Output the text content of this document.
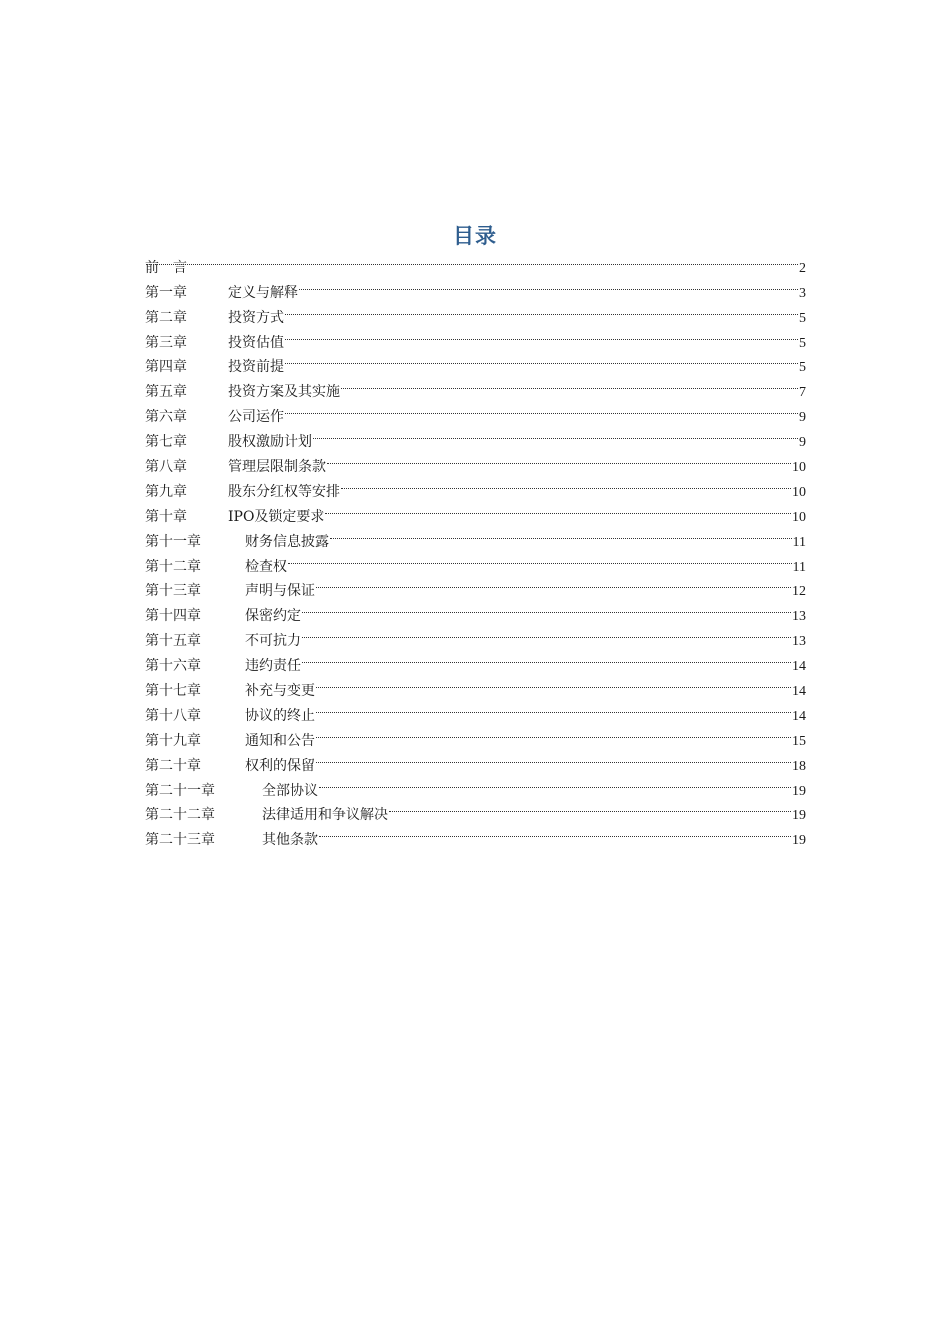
目录
前　言	2
第一章	定义与解释	3
第二章	投资方式	5
第三章	投资估值	5
第四章	投资前提	5
第五章	投资方案及其实施	7
第六章	公司运作	9
第七章	股权激励计划	9
第八章	管理层限制条款	10
第九章	股东分红权等安排	10
第十章	IPO及锁定要求	10
第十一章	财务信息披露	11
第十二章	检查权	11
第十三章	声明与保证	12
第十四章	保密约定	13
第十五章	不可抗力	13
第十六章	违约责任	14
第十七章	补充与变更	14
第十八章	协议的终止	14
第十九章	通知和公告	15
第二十章	权利的保留	18
第二十一章	全部协议	19
第二十二章	法律适用和争议解决	19
第二十三章	其他条款	19
